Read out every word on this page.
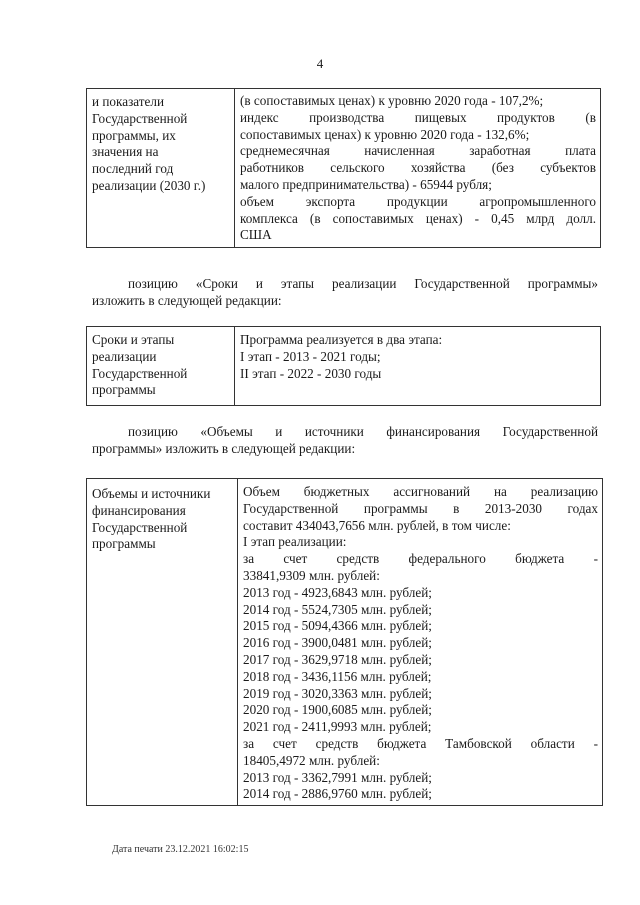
4
и показатели
Государственной
программы, их
значения на
последний год
реализации (2030 г.)

(в сопоставимых ценах) к уровню 2020 года - 107,2%;
индекс производства пищевых продуктов (в
сопоставимых ценах) к уровню 2020 года - 132,6%;
среднемесячная начисленная заработная плата
работников сельского хозяйства (без субъектов
малого предпринимательства) - 65944 рубля;
объем экспорта продукции агропромышленного
комплекса (в сопоставимых ценах) - 0,45 млрд долл.
США
позицию «Сроки и этапы реализации Государственной программы»
изложить в следующей редакции:
Сроки и этапы
реализации
Государственной
программы

Программа реализуется в два этапа:
I этап - 2013 - 2021 годы;
II этап - 2022 - 2030 годы
позицию «Объемы и источники финансирования Государственной
программы» изложить в следующей редакции:
Объемы и источники
финансирования
Государственной
программы

Объем бюджетных ассигнований на реализацию
Государственной программы в 2013-2030 годах
составит 434043,7656 млн. рублей, в том числе:
I этап реализации:
за счет средств федерального бюджета -
33841,9309 млн. рублей:
2013 год - 4923,6843 млн. рублей;
2014 год - 5524,7305 млн. рублей;
2015 год - 5094,4366 млн. рублей;
2016 год - 3900,0481 млн. рублей;
2017 год - 3629,9718 млн. рублей;
2018 год - 3436,1156 млн. рублей;
2019 год - 3020,3363 млн. рублей;
2020 год - 1900,6085 млн. рублей;
2021 год - 2411,9993 млн. рублей;
за счет средств бюджета Тамбовской области -
18405,4972 млн. рублей:
2013 год - 3362,7991 млн. рублей;
2014 год - 2886,9760 млн. рублей;
Дата печати 23.12.2021 16:02:15
